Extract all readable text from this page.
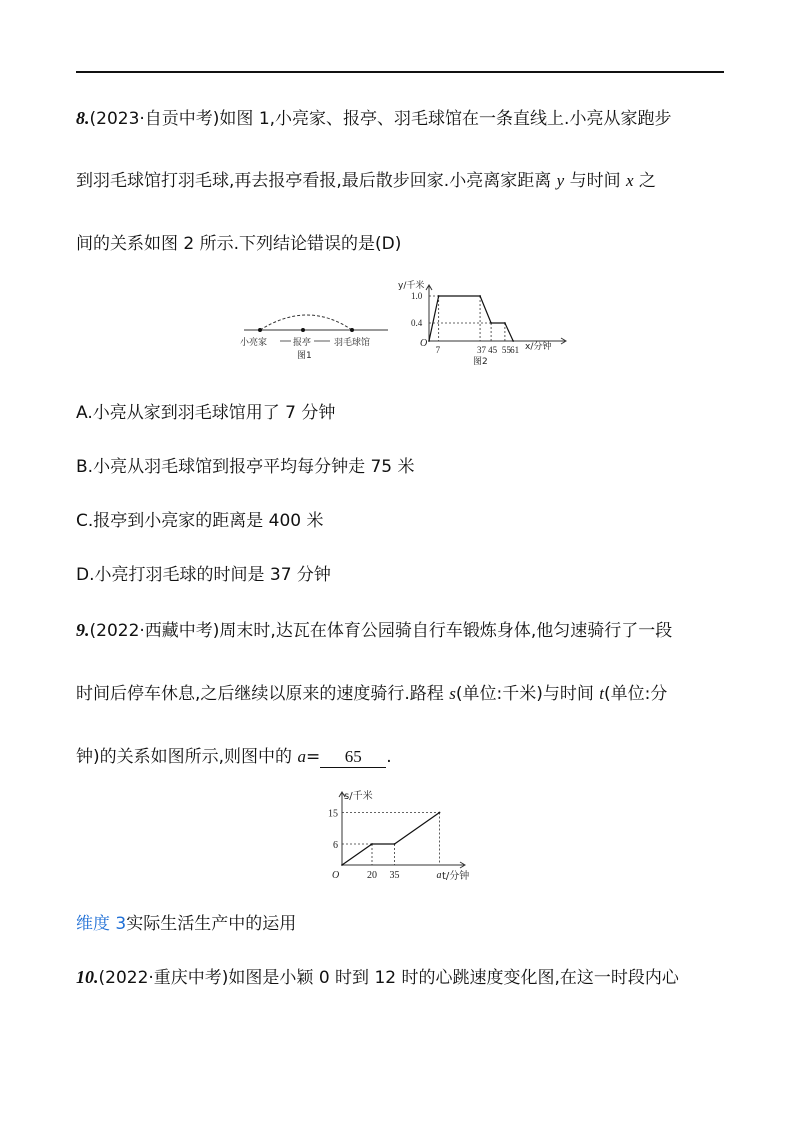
8.(2023·自贡中考)如图 1,小亮家、报亭、羽毛球馆在一条直线上.小亮从家跑步
到羽毛球馆打羽毛球,再去报亭看报,最后散步回家.小亮离家距离 y 与时间 x 之
间的关系如图 2 所示.下列结论错误的是(D)
小亮家	报亭	羽毛球馆
图1
y/千米
O	x/分钟
图2
1.0
0.4
7	37 45 55 61
A.小亮从家到羽毛球馆用了 7 分钟
B.小亮从羽毛球馆到报亭平均每分钟走 75 米
C.报亭到小亮家的距离是 400 米
D.小亮打羽毛球的时间是 37 分钟
9.(2022·西藏中考)周末时,达瓦在体育公园骑自行车锻炼身体,他匀速骑行了一段
时间后停车休息,之后继续以原来的速度骑行.路程 s(单位:千米)与时间 t(单位:分
钟)的关系如图所示,则图中的 a= 65 .
s/千米
O	t/分钟
15
6
20 35	a
维度 3实际生活生产中的运用
10.(2022·重庆中考)如图是小颖 0 时到 12 时的心跳速度变化图,在这一时段内心
